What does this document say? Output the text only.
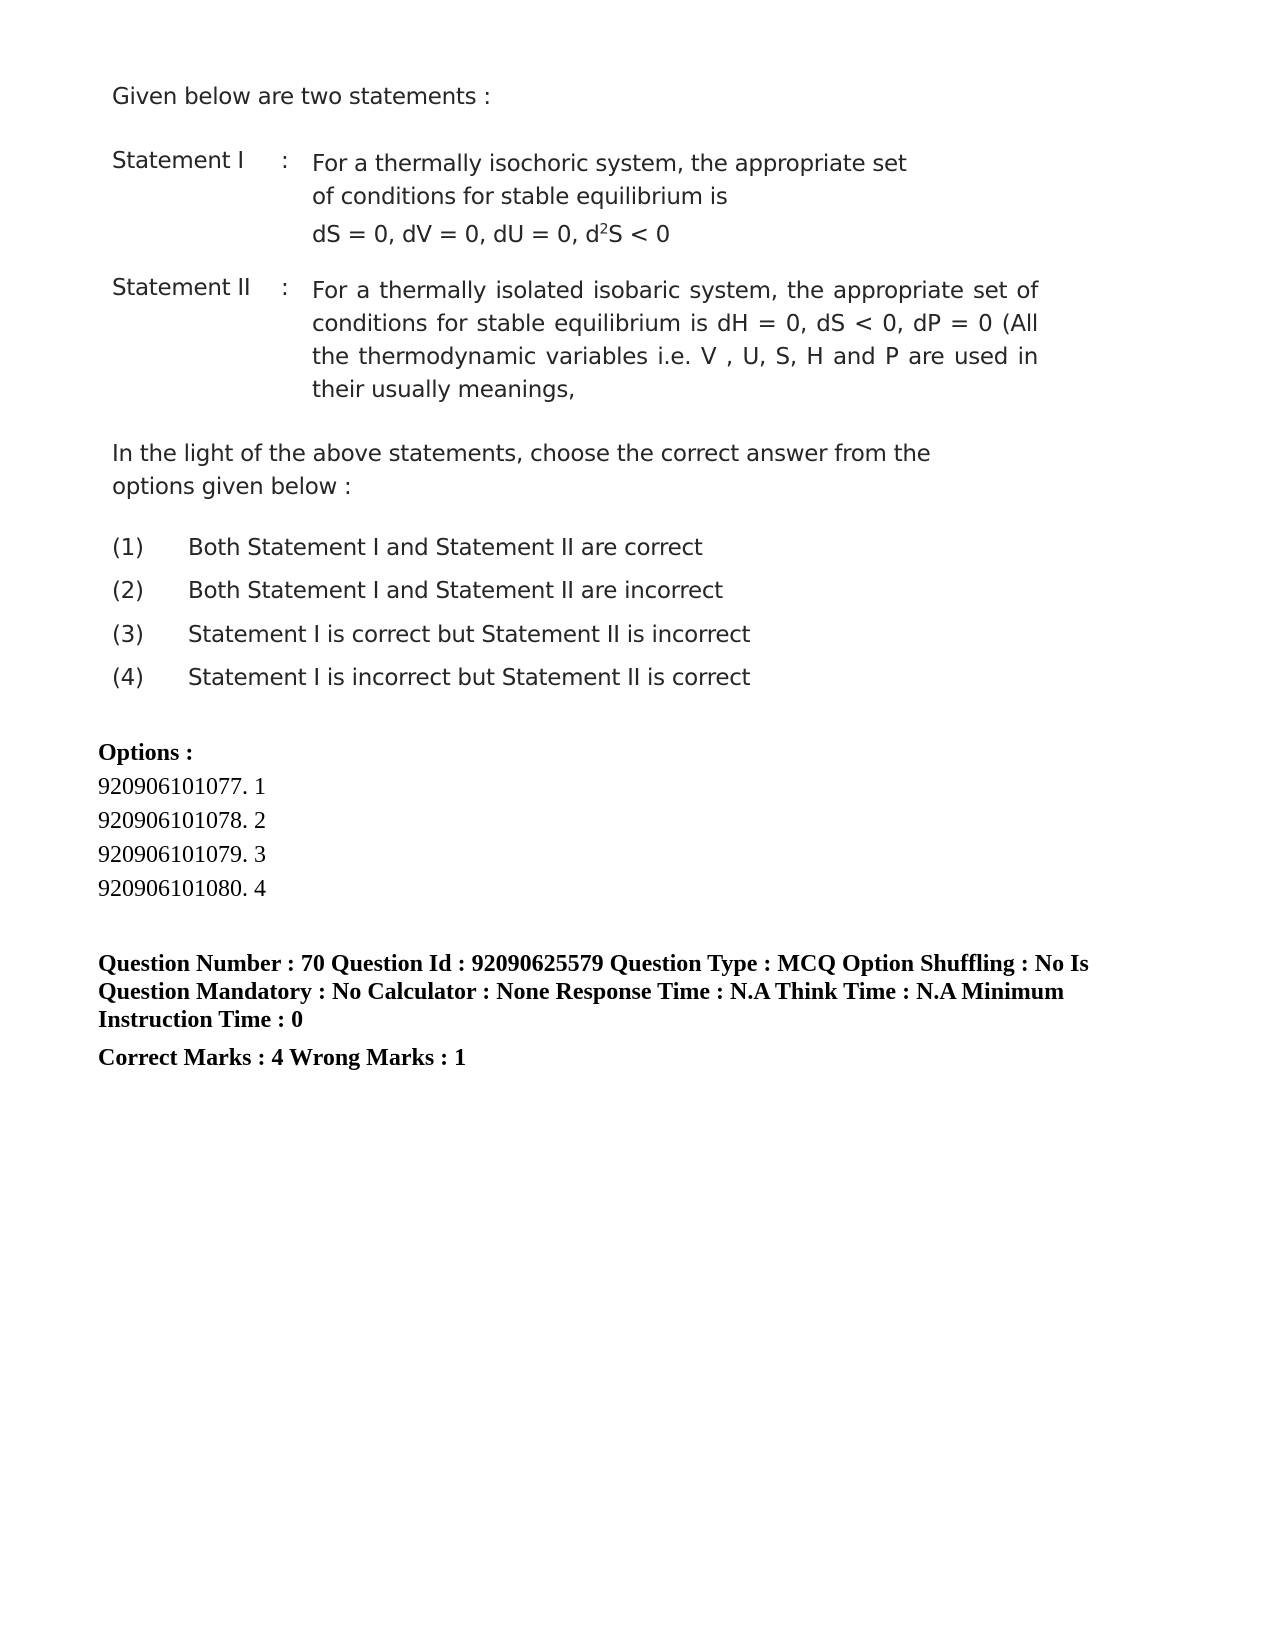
Given below are two statements :
Statement I : For a thermally isochoric system, the appropriate set of conditions for stable equilibrium is
dS = 0, dV = 0, dU = 0, $d^2S < 0$
Statement II : For a thermally isolated isobaric system, the appropriate set of conditions for stable equilibrium is dH = 0, dS < 0, dP = 0 (All the thermodynamic variables i.e. V , U, S, H and P are used in their usually meanings,
In the light of the above statements, choose the correct answer from the options given below :
(1) Both Statement I and Statement II are correct
(2) Both Statement I and Statement II are incorrect
(3) Statement I is correct but Statement II is incorrect
(4) Statement I is incorrect but Statement II is correct
Options :
920906101077. 1
920906101078. 2
920906101079. 3
920906101080. 4
Question Number : 70 Question Id : 92090625579 Question Type : MCQ Option Shuffling : No Is Question Mandatory : No Calculator : None Response Time : N.A Think Time : N.A Minimum Instruction Time : 0
Correct Marks : 4 Wrong Marks : 1
